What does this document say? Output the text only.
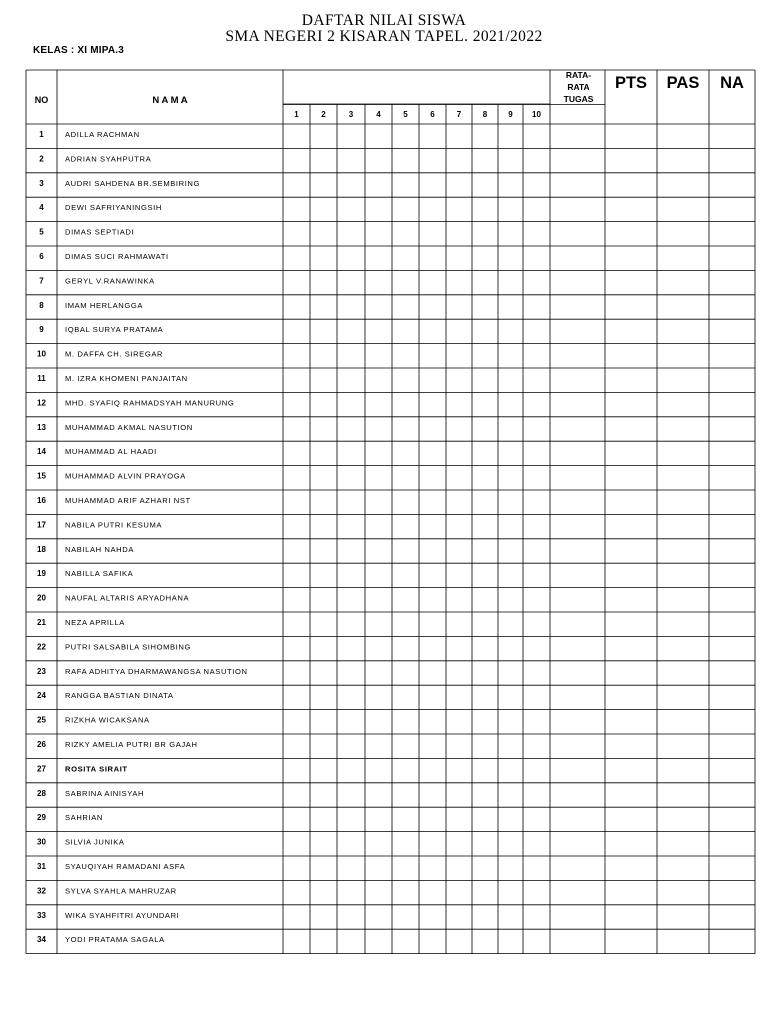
DAFTAR NILAI SISWA
SMA NEGERI 2 KISARAN TAPEL. 2021/2022
KELAS : XI MIPA.3
NO	N A M A
RATA-
RATA
TUGAS
PTS PAS NA
1	2	3	4	5	6	7	8	9 10
1	ADILLA RACHMAN
2	ADRIAN SYAHPUTRA
3	AUDRI SAHDENA BR.SEMBIRING
4	DEWI SAFRIYANINGSIH
5	DIMAS SEPTIADI
6	DIMAS SUCI RAHMAWATI
7	GERYL V.RANAWINKA
8	IMAM HERLANGGA
9	IQBAL SURYA PRATAMA
10	M. DAFFA CH. SIREGAR
11	M. IZRA KHOMENI PANJAITAN
12	MHD. SYAFIQ RAHMADSYAH MANURUNG
13	MUHAMMAD AKMAL NASUTION
14	MUHAMMAD AL HAADI
15	MUHAMMAD ALVIN PRAYOGA
16	MUHAMMAD ARIF AZHARI NST
17	NABILA PUTRI KESUMA
18	NABILAH NAHDA
19	NABILLA SAFIKA
20	NAUFAL ALTARIS ARYADHANA
21	NEZA APRILLA
22	PUTRI SALSABILA SIHOMBING
23	RAFA ADHITYA DHARMAWANGSA NASUTION
24	RANGGA BASTIAN DINATA
25	RIZKHA WICAKSANA
26	RIZKY AMELIA PUTRI BR GAJAH
27	ROSITA SIRAIT
28	SABRINA AINISYAH
29	SAHRIAN
30	SILVIA JUNIKA
31	SYAUQIYAH RAMADANI ASFA
32	SYLVA SYAHLA MAHRUZAR
33	WIKA SYAHFITRI AYUNDARI
34	YODI PRATAMA SAGALA
